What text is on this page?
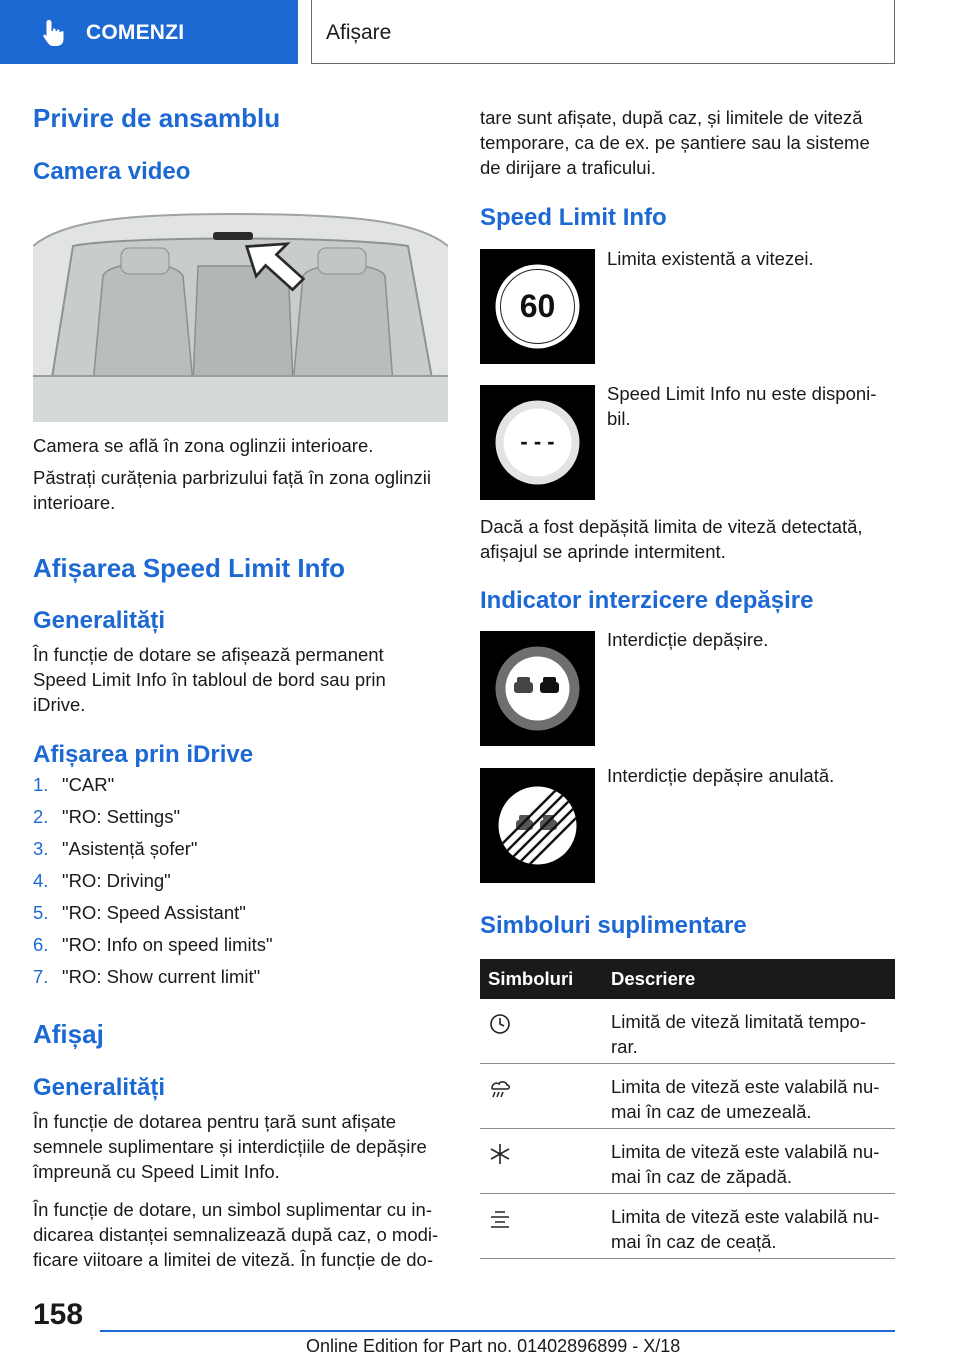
COMENZI	Afișare
Privire de ansamblu
Camera video
Camera se află în zona oglinzii interioare.
Păstrați curățenia parbrizului față în zona oglinzii
interioare.
Afișarea Speed Limit Info
Generalități
În funcție de dotare se afișează permanent
Speed Limit Info în tabloul de bord sau prin
iDrive.
Afișarea prin iDrive
1. "CAR"
2. "RO: Settings"
3. "Asistență șofer"
4. "RO: Driving"
5. "RO: Speed Assistant"
6. "RO: Info on speed limits"
7. "RO: Show current limit"
Afișaj
Generalități
În funcție de dotarea pentru țară sunt afișate
semnele suplimentare și interdicțiile de depășire
împreună cu Speed Limit Info.
În funcție de dotare, un simbol suplimentar cu in-
dicarea distanței semnalizează după caz, o modi-
ficare viitoare a limitei de viteză. În funcție de do-
tare sunt afișate, după caz, și limitele de viteză
temporare, ca de ex. pe șantiere sau la sisteme
de dirijare a traficului.
Speed Limit Info
60
Limita existentă a vitezei.
- - -
Speed Limit Info nu este disponi-
bil.
Dacă a fost depășită limita de viteză detectată,
afișajul se aprinde intermitent.
Indicator interzicere depășire
Interdicție depășire.
Interdicție depășire anulată.
Simboluri suplimentare
Simboluri Descriere
Limită de viteză limitată tempo-
rar.
Limita de viteză este valabilă nu-
mai în caz de umezeală.
Limita de viteză este valabilă nu-
mai în caz de zăpadă.
Limita de viteză este valabilă nu-
mai în caz de ceață.
158
Online Edition for Part no. 01402896899 - X/18
